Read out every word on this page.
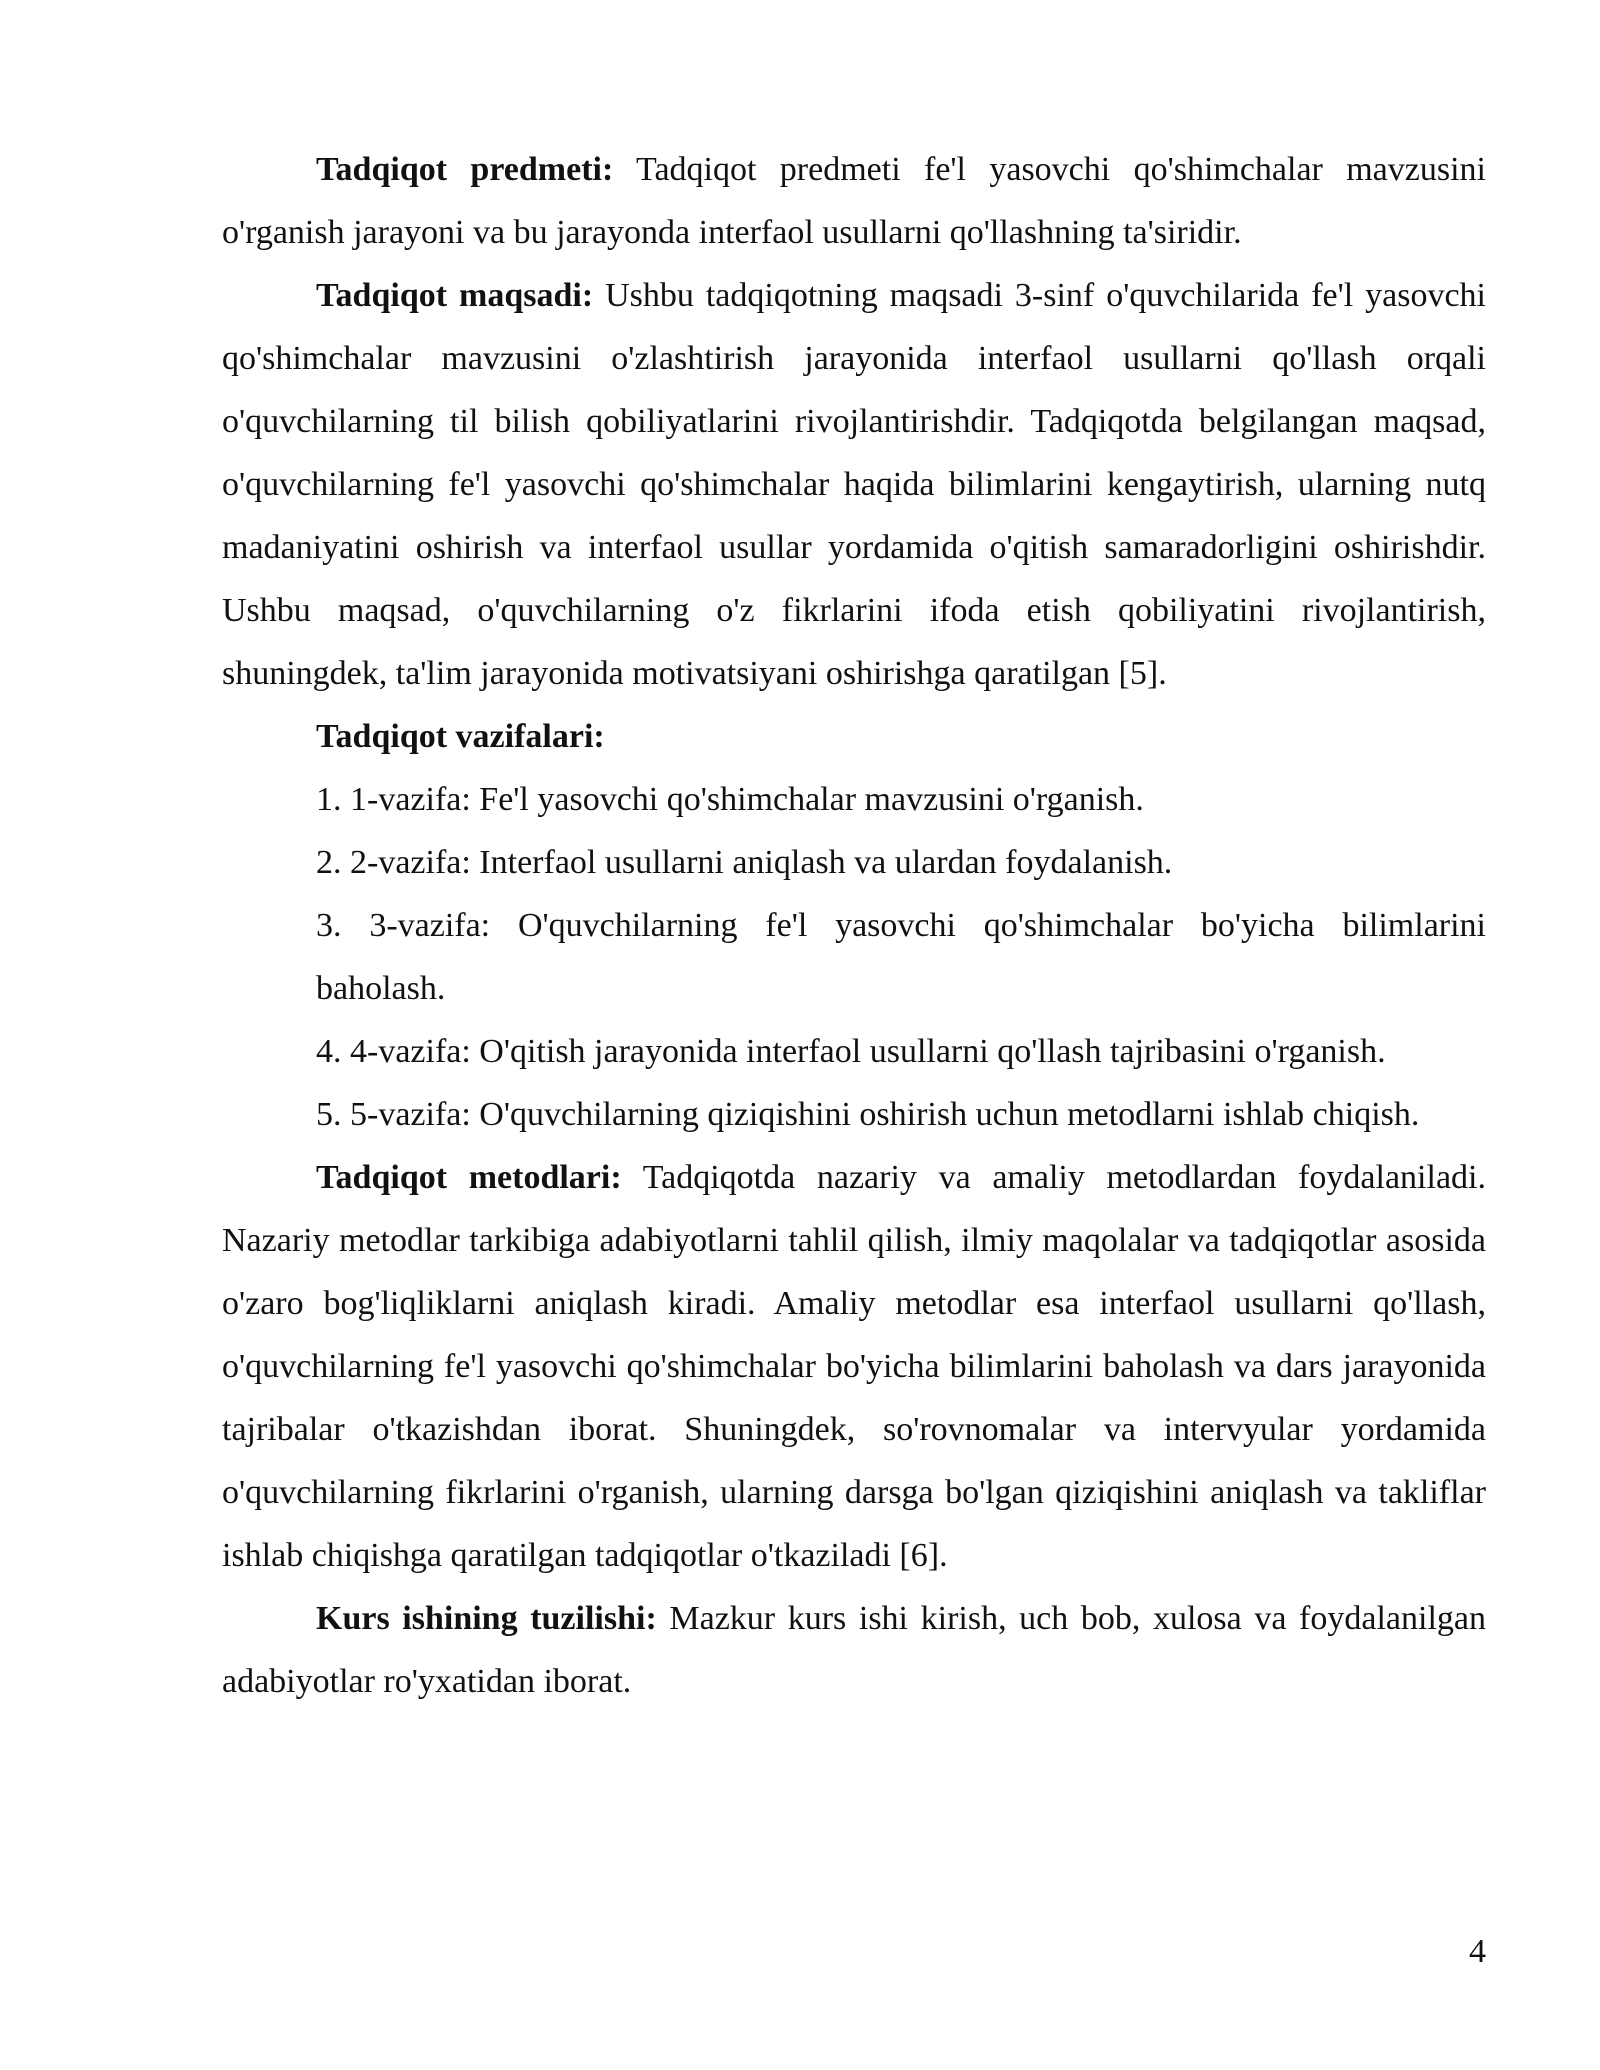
Tadqiqot predmeti: Tadqiqot predmeti fe'l yasovchi qo'shimchalar mavzusini o'rganish jarayoni va bu jarayonda interfaol usullarni qo'llashning ta'siridir.

Tadqiqot maqsadi: Ushbu tadqiqotning maqsadi 3-sinf o'quvchilarida fe'l yasovchi qo'shimchalar mavzusini o'zlashtirish jarayonida interfaol usullarni qo'llash orqali o'quvchilarning til bilish qobiliyatlarini rivojlantirishdir. Tadqiqotda belgilangan maqsad, o'quvchilarning fe'l yasovchi qo'shimchalar haqida bilimlarini kengaytirish, ularning nutq madaniyatini oshirish va interfaol usullar yordamida o'qitish samaradorligini oshirishdir. Ushbu maqsad, o'quvchilarning o'z fikrlarini ifoda etish qobiliyatini rivojlantirish, shuningdek, ta'lim jarayonida motivatsiyani oshirishga qaratilgan [5].

Tadqiqot vazifalari:

1. 1-vazifa: Fe'l yasovchi qo'shimchalar mavzusini o'rganish.

2. 2-vazifa: Interfaol usullarni aniqlash va ulardan foydalanish.

3. 3-vazifa: O'quvchilarning fe'l yasovchi qo'shimchalar bo'yicha bilimlarini baholash.

4. 4-vazifa: O'qitish jarayonida interfaol usullarni qo'llash tajribasini o'rganish.

5. 5-vazifa: O'quvchilarning qiziqishini oshirish uchun metodlarni ishlab chiqish.

Tadqiqot metodlari: Tadqiqotda nazariy va amaliy metodlardan foydalaniladi. Nazariy metodlar tarkibiga adabiyotlarni tahlil qilish, ilmiy maqolalar va tadqiqotlar asosida o'zaro bog'liqliklarni aniqlash kiradi. Amaliy metodlar esa interfaol usullarni qo'llash, o'quvchilarning fe'l yasovchi qo'shimchalar bo'yicha bilimlarini baholash va dars jarayonida tajribalar o'tkazishdan iborat. Shuningdek, so'rovnomalar va intervyular yordamida o'quvchilarning fikrlarini o'rganish, ularning darsga bo'lgan qiziqishini aniqlash va takliflar ishlab chiqishga qaratilgan tadqiqotlar o'tkaziladi [6].

Kurs ishining tuzilishi: Mazkur kurs ishi kirish, uch bob, xulosa va foydalanilgan adabiyotlar ro'yxatidan iborat.

4
